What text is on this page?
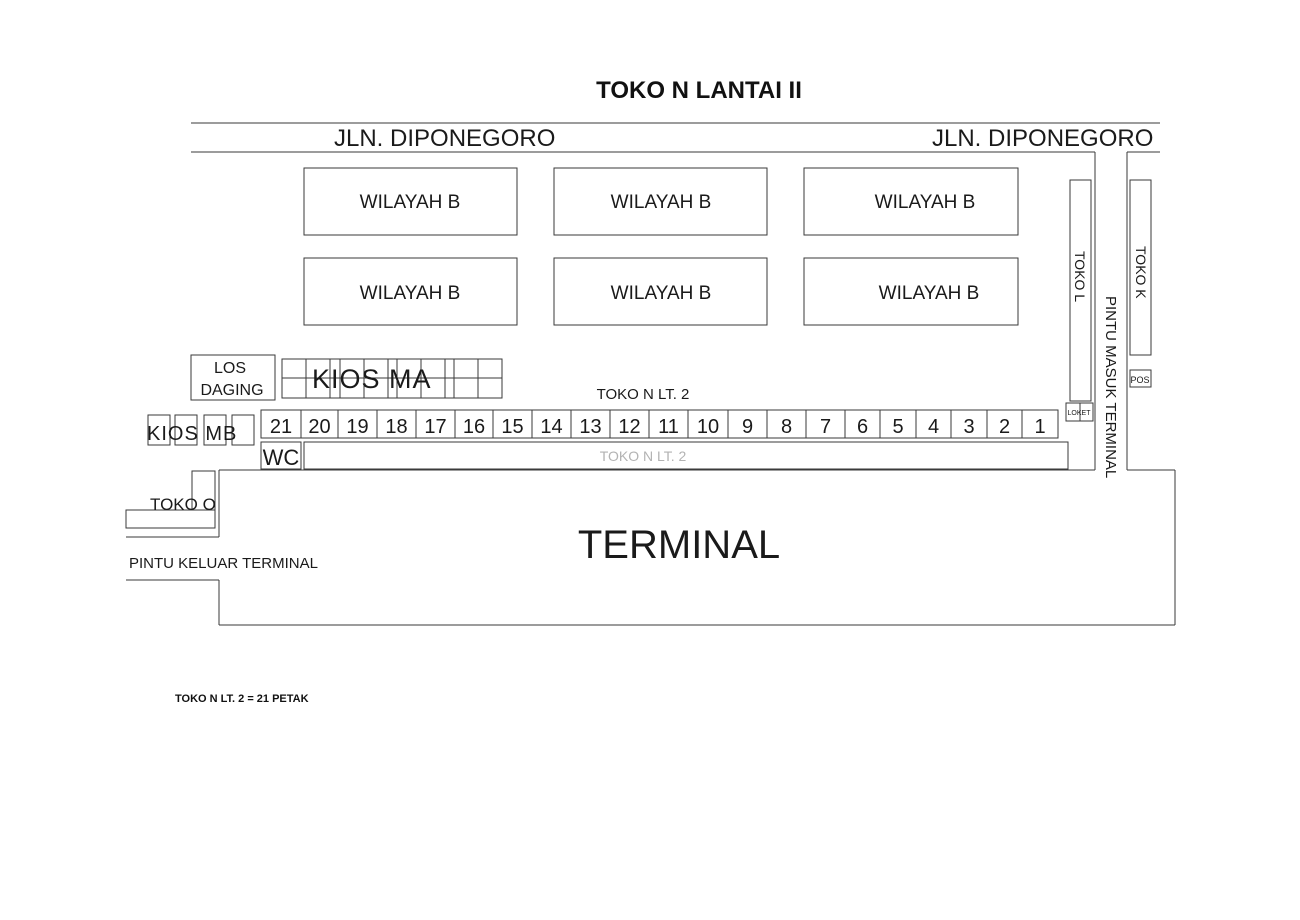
TOKO N LANTAI II
JLN. DIPONEGORO	JLN. DIPONEGORO
WILAYAH B	WILAYAH B	WILAYAH B
WILAYAH B	WILAYAH B	WILAYAH B	TOKO L
LOKET
TOKO K
POS
PINTU MASUK TERMINAL
LOS
DAGING KIOS MA
TOKO N LT. 2
21 20 19 18 17 16 15 14 13 12 11 10 9 8 7 6 5 4 3 2 1
WC	TOKO N LT. 2
KIOS MB
TOKO O
PINTU KELUAR TERMINAL	TERMINAL
TOKO N LT. 2 = 21 PETAK
